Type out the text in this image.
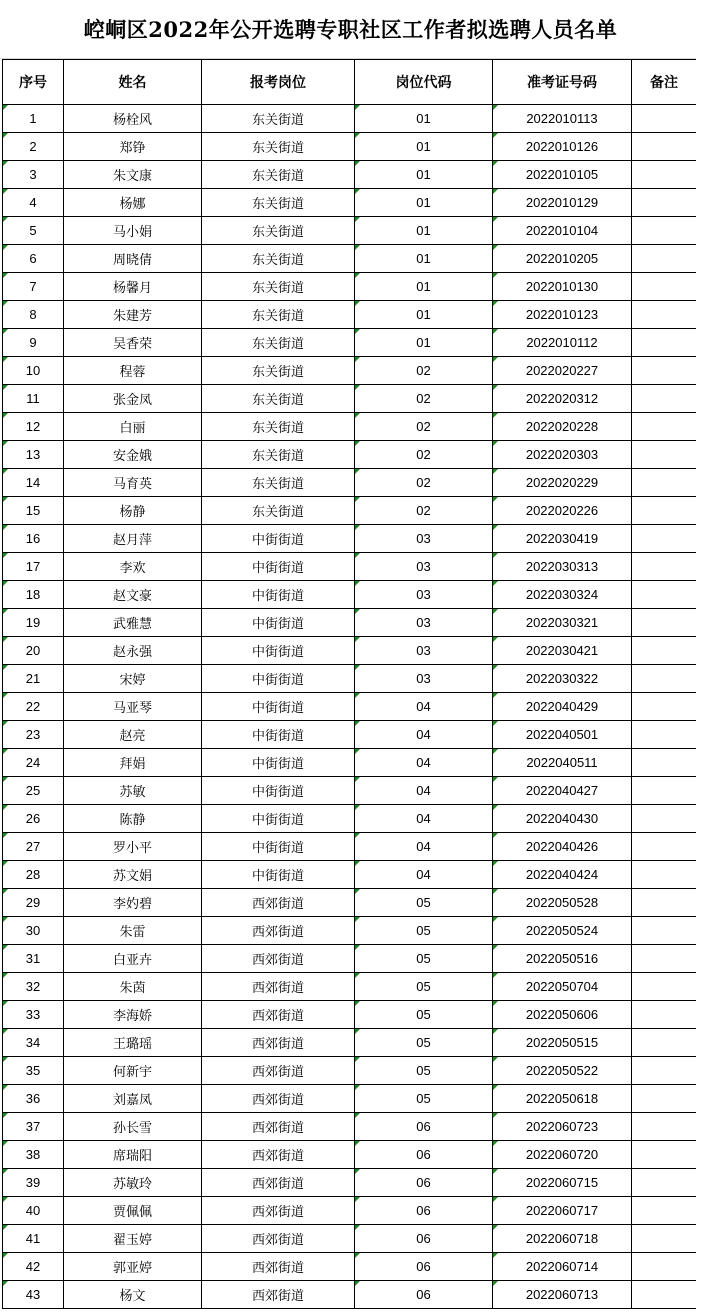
崆峒区2022年公开选聘专职社区工作者拟选聘人员名单
序号	姓名	报考岗位	岗位代码	准考证号码	备注
1	杨栓风	东关街道	01	2022010113	
2	郑铮	东关街道	01	2022010126	
3	朱文康	东关街道	01	2022010105	
4	杨娜	东关街道	01	2022010129	
5	马小娟	东关街道	01	2022010104	
6	周晓倩	东关街道	01	2022010205	
7	杨馨月	东关街道	01	2022010130	
8	朱建芳	东关街道	01	2022010123	
9	吴香荣	东关街道	01	2022010112	
10	程蓉	东关街道	02	2022020227	
11	张金凤	东关街道	02	2022020312	
12	白丽	东关街道	02	2022020228	
13	安金娥	东关街道	02	2022020303	
14	马育英	东关街道	02	2022020229	
15	杨静	东关街道	02	2022020226	
16	赵月萍	中街街道	03	2022030419	
17	李欢	中街街道	03	2022030313	
18	赵文豪	中街街道	03	2022030324	
19	武雅慧	中街街道	03	2022030321	
20	赵永强	中街街道	03	2022030421	
21	宋婷	中街街道	03	2022030322	
22	马亚琴	中街街道	04	2022040429	
23	赵亮	中街街道	04	2022040501	
24	拜娟	中街街道	04	2022040511	
25	苏敏	中街街道	04	2022040427	
26	陈静	中街街道	04	2022040430	
27	罗小平	中街街道	04	2022040426	
28	苏文娟	中街街道	04	2022040424	
29	李妁碧	西郊街道	05	2022050528	
30	朱雷	西郊街道	05	2022050524	
31	白亚卉	西郊街道	05	2022050516	
32	朱茵	西郊街道	05	2022050704	
33	李海娇	西郊街道	05	2022050606	
34	王璐瑶	西郊街道	05	2022050515	
35	何新宇	西郊街道	05	2022050522	
36	刘嘉凤	西郊街道	05	2022050618	
37	孙长雪	西郊街道	06	2022060723	
38	席瑞阳	西郊街道	06	2022060720	
39	苏敏玲	西郊街道	06	2022060715	
40	贾佩佩	西郊街道	06	2022060717	
41	翟玉婷	西郊街道	06	2022060718	
42	郭亚婷	西郊街道	06	2022060714	
43	杨文	西郊街道	06	2022060713	
